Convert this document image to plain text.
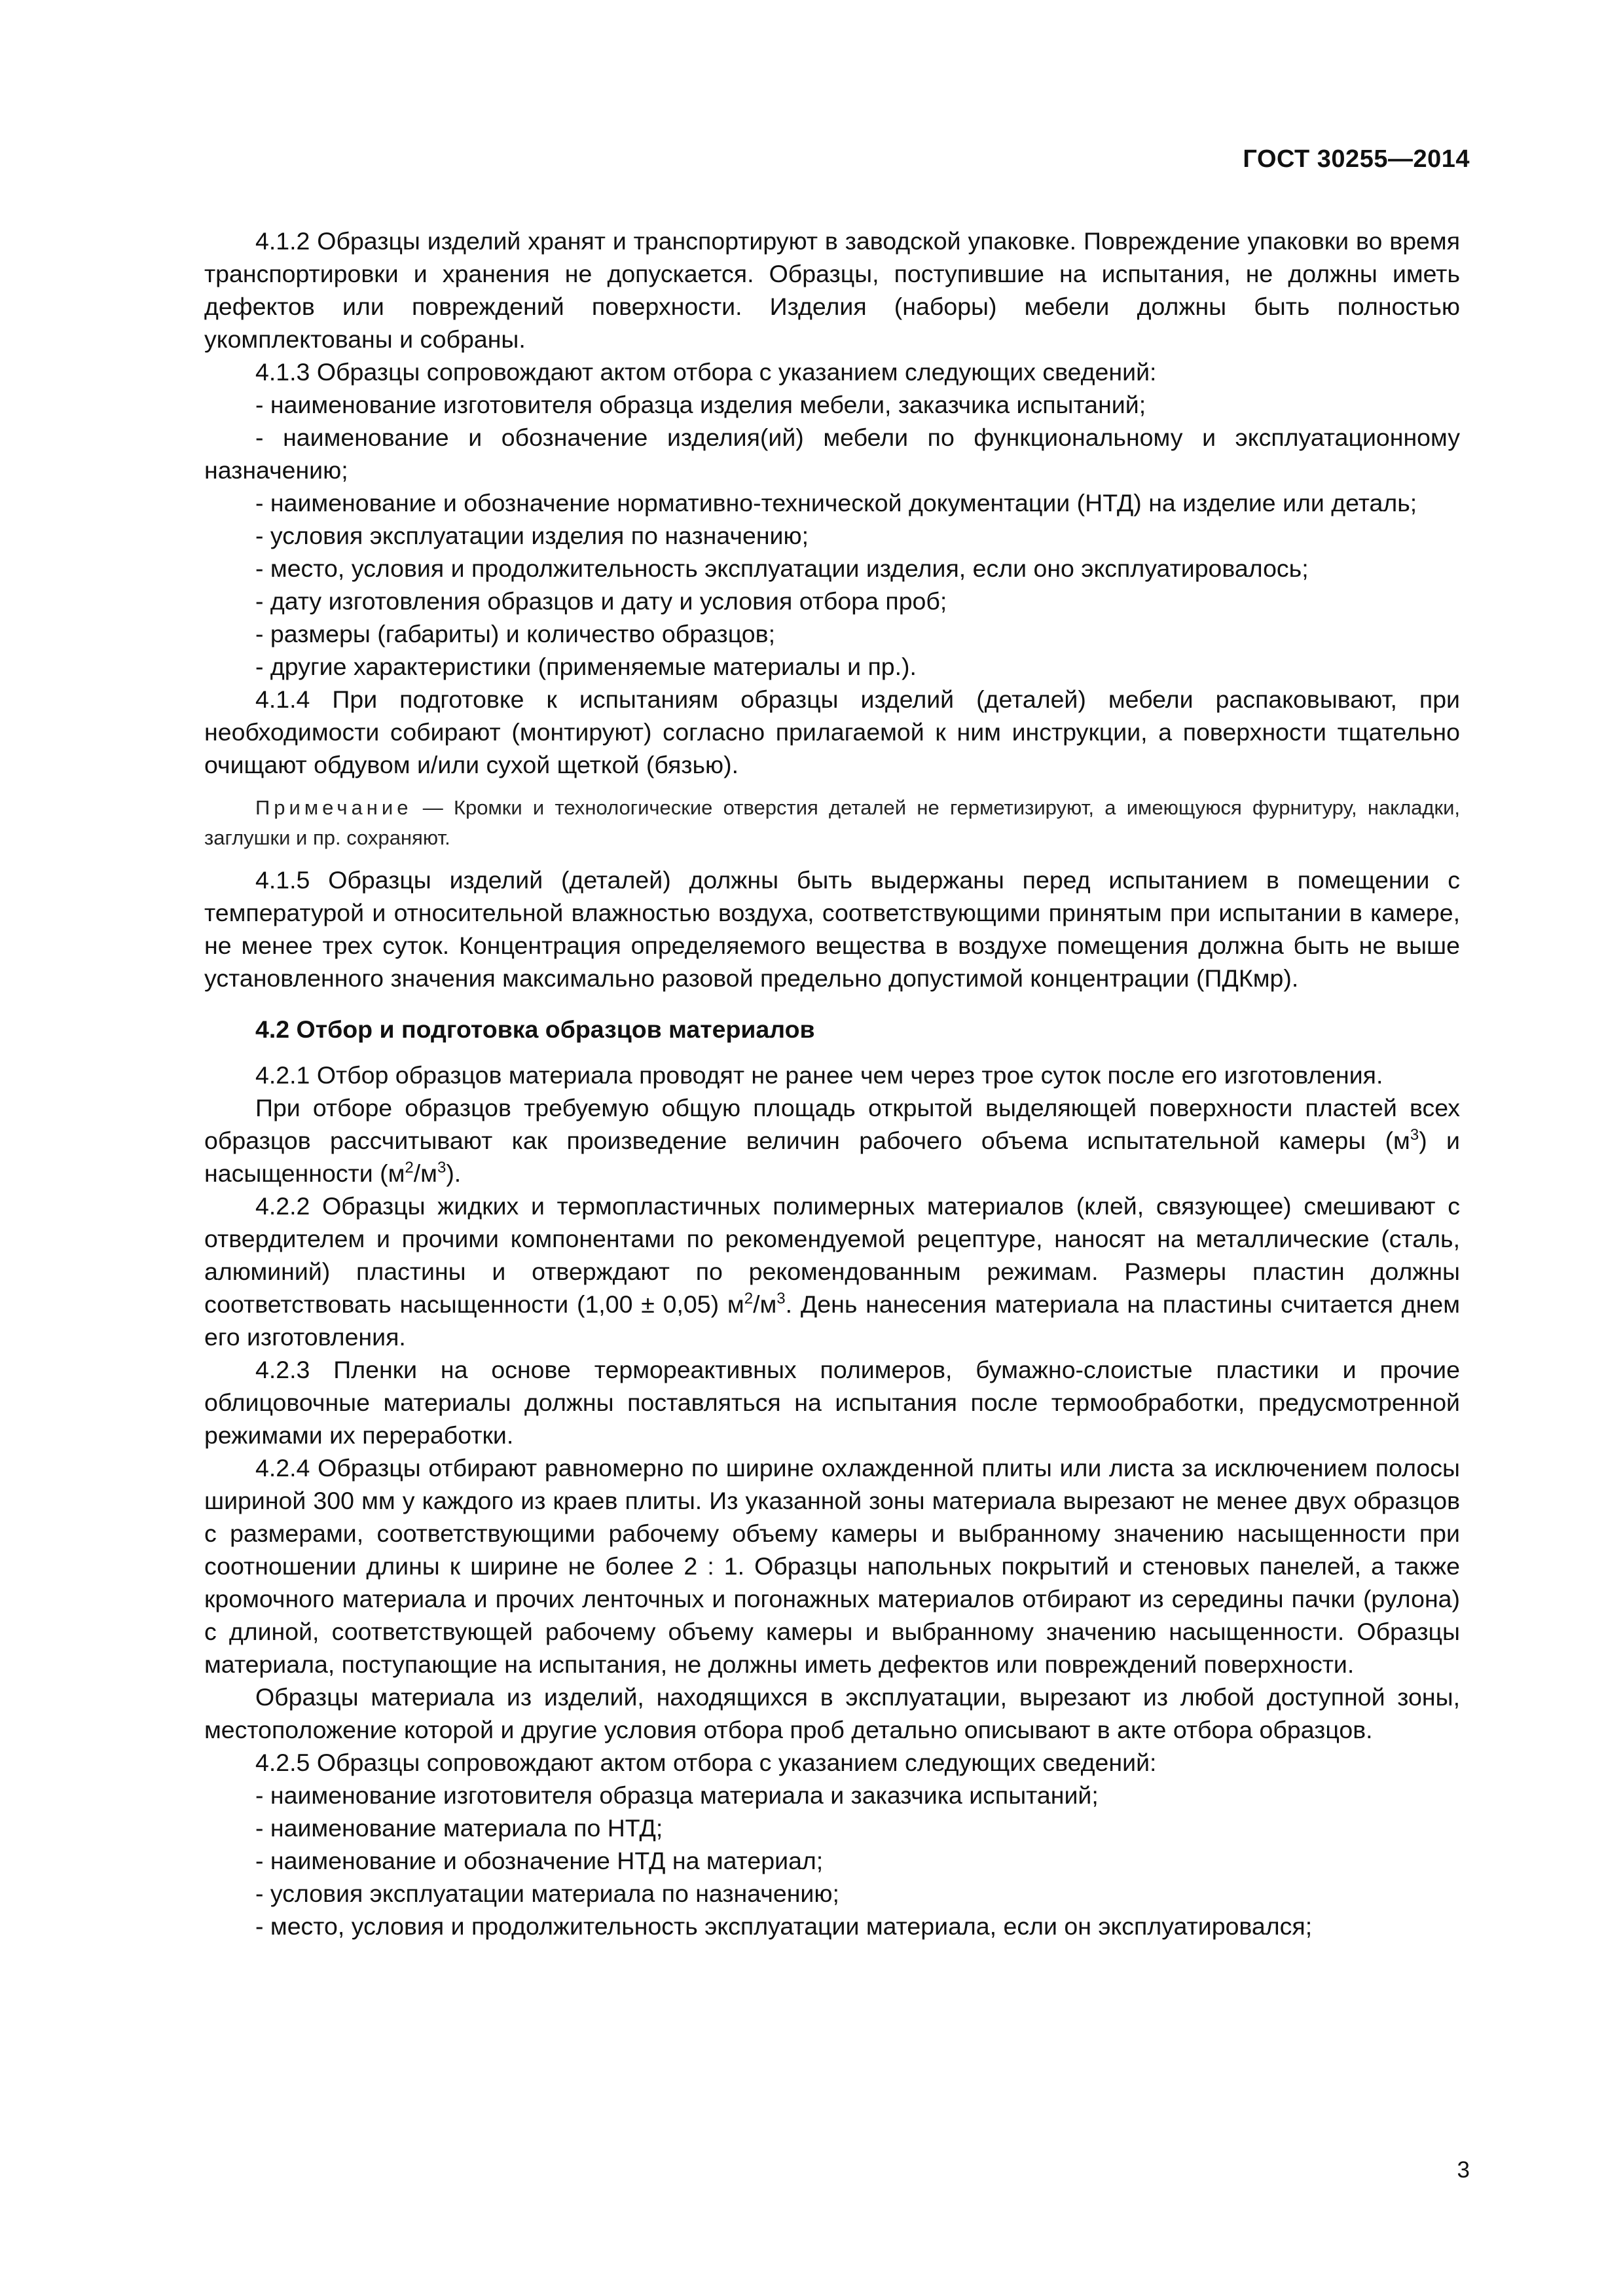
ГОСТ 30255—2014

4.1.2 Образцы изделий хранят и транспортируют в заводской упаковке. Повреждение упаковки во время транспортировки и хранения не допускается. Образцы, поступившие на испытания, не должны иметь дефектов или повреждений поверхности. Изделия (наборы) мебели должны быть полностью укомплектованы и собраны.

4.1.3 Образцы сопровождают актом отбора с указанием следующих сведений:

- наименование изготовителя образца изделия мебели, заказчика испытаний;

- наименование и обозначение изделия(ий) мебели по функциональному и эксплуатационному назначению;

- наименование и обозначение нормативно-технической документации (НТД) на изделие или деталь;

- условия эксплуатации изделия по назначению;

- место, условия и продолжительность эксплуатации изделия, если оно эксплуатировалось;

- дату изготовления образцов и дату и условия отбора проб;

- размеры (габариты) и количество образцов;

- другие характеристики (применяемые материалы и пр.).

4.1.4 При подготовке к испытаниям образцы изделий (деталей) мебели распаковывают, при необходимости собирают (монтируют) согласно прилагаемой к ним инструкции, а поверхности тщательно очищают обдувом и/или сухой щеткой (бязью).

Примечание — Кромки и технологические отверстия деталей не герметизируют, а имеющуюся фурнитуру, накладки, заглушки и пр. сохраняют.

4.1.5 Образцы изделий (деталей) должны быть выдержаны перед испытанием в помещении с температурой и относительной влажностью воздуха, соответствующими принятым при испытании в камере, не менее трех суток. Концентрация определяемого вещества в воздухе помещения должна быть не выше установленного значения максимально разовой предельно допустимой концентрации (ПДКмр).

4.2 Отбор и подготовка образцов материалов

4.2.1 Отбор образцов материала проводят не ранее чем через трое суток после его изготовления.

При отборе образцов требуемую общую площадь открытой выделяющей поверхности пластей всех образцов рассчитывают как произведение величин рабочего объема испытательной камеры $(м^3)$ и насыщенности $(м^2/м^3)$.

4.2.2 Образцы жидких и термопластичных полимерных материалов (клей, связующее) смешивают с отвердителем и прочими компонентами по рекомендуемой рецептуре, наносят на металлические (сталь, алюминий) пластины и отверждают по рекомендованным режимам. Размеры пластин должны соответствовать насыщенности (1,00 ± 0,05) $м^2/м^3$. День нанесения материала на пластины считается днем его изготовления.

4.2.3 Пленки на основе термореактивных полимеров, бумажно-слоистые пластики и прочие облицовочные материалы должны поставляться на испытания после термообработки, предусмотренной режимами их переработки.

4.2.4 Образцы отбирают равномерно по ширине охлажденной плиты или листа за исключением полосы шириной 300 мм у каждого из краев плиты. Из указанной зоны материала вырезают не менее двух образцов с размерами, соответствующими рабочему объему камеры и выбранному значению насыщенности при соотношении длины к ширине не более 2 : 1. Образцы напольных покрытий и стеновых панелей, а также кромочного материала и прочих ленточных и погонажных материалов отбирают из середины пачки (рулона) с длиной, соответствующей рабочему объему камеры и выбранному значению насыщенности. Образцы материала, поступающие на испытания, не должны иметь дефектов или повреждений поверхности.

Образцы материала из изделий, находящихся в эксплуатации, вырезают из любой доступной зоны, местоположение которой и другие условия отбора проб детально описывают в акте отбора образцов.

4.2.5 Образцы сопровождают актом отбора с указанием следующих сведений:

- наименование изготовителя образца материала и заказчика испытаний;

- наименование материала по НТД;

- наименование и обозначение НТД на материал;

- условия эксплуатации материала по назначению;

- место, условия и продолжительность эксплуатации материала, если он эксплуатировался;

3
